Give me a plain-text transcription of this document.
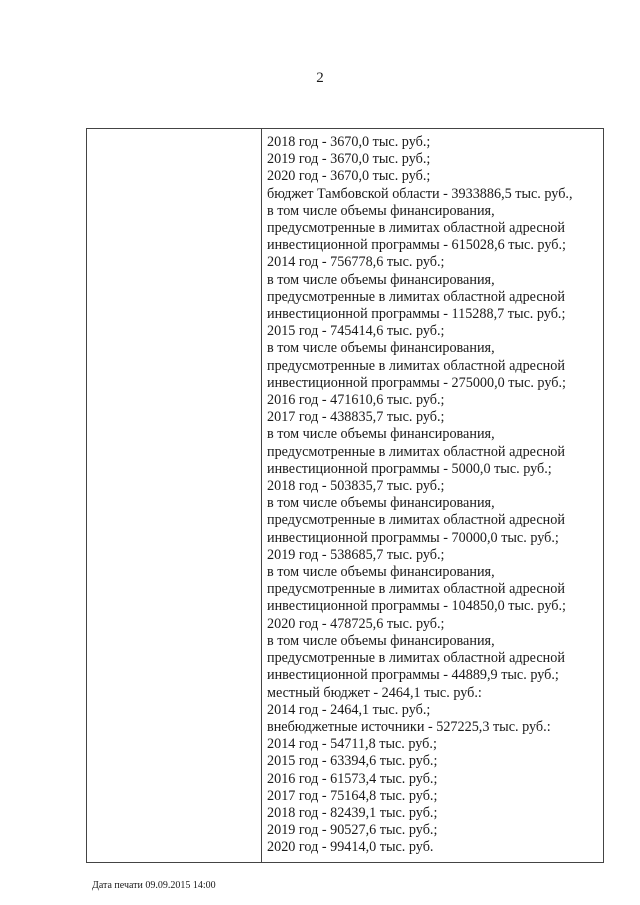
2
2018 год - 3670,0 тыс. руб.;
2019 год - 3670,0 тыс. руб.;
2020 год - 3670,0 тыс. руб.;
бюджет Тамбовской области - 3933886,5 тыс. руб.,
в том числе объемы финансирования,
предусмотренные в лимитах областной адресной
инвестиционной программы - 615028,6 тыс. руб.;
2014 год - 756778,6 тыс. руб.;
в том числе объемы финансирования,
предусмотренные в лимитах областной адресной
инвестиционной программы - 115288,7 тыс. руб.;
2015 год - 745414,6 тыс. руб.;
в том числе объемы финансирования,
предусмотренные в лимитах областной адресной
инвестиционной программы - 275000,0 тыс. руб.;
2016 год - 471610,6 тыс. руб.;
2017 год - 438835,7 тыс. руб.;
в том числе объемы финансирования,
предусмотренные в лимитах областной адресной
инвестиционной программы - 5000,0 тыс. руб.;
2018 год - 503835,7 тыс. руб.;
в том числе объемы финансирования,
предусмотренные в лимитах областной адресной
инвестиционной программы - 70000,0 тыс. руб.;
2019 год - 538685,7 тыс. руб.;
в том числе объемы финансирования,
предусмотренные в лимитах областной адресной
инвестиционной программы - 104850,0 тыс. руб.;
2020 год - 478725,6 тыс. руб.;
в том числе объемы финансирования,
предусмотренные в лимитах областной адресной
инвестиционной программы - 44889,9 тыс. руб.;
местный бюджет - 2464,1 тыс. руб.:
2014 год - 2464,1 тыс. руб.;
внебюджетные источники - 527225,3 тыс. руб.:
2014 год - 54711,8 тыс. руб.;
2015 год - 63394,6 тыс. руб.;
2016 год - 61573,4 тыс. руб.;
2017 год - 75164,8 тыс. руб.;
2018 год - 82439,1 тыс. руб.;
2019 год - 90527,6 тыс. руб.;
2020 год - 99414,0 тыс. руб.
Дата печати 09.09.2015 14:00
